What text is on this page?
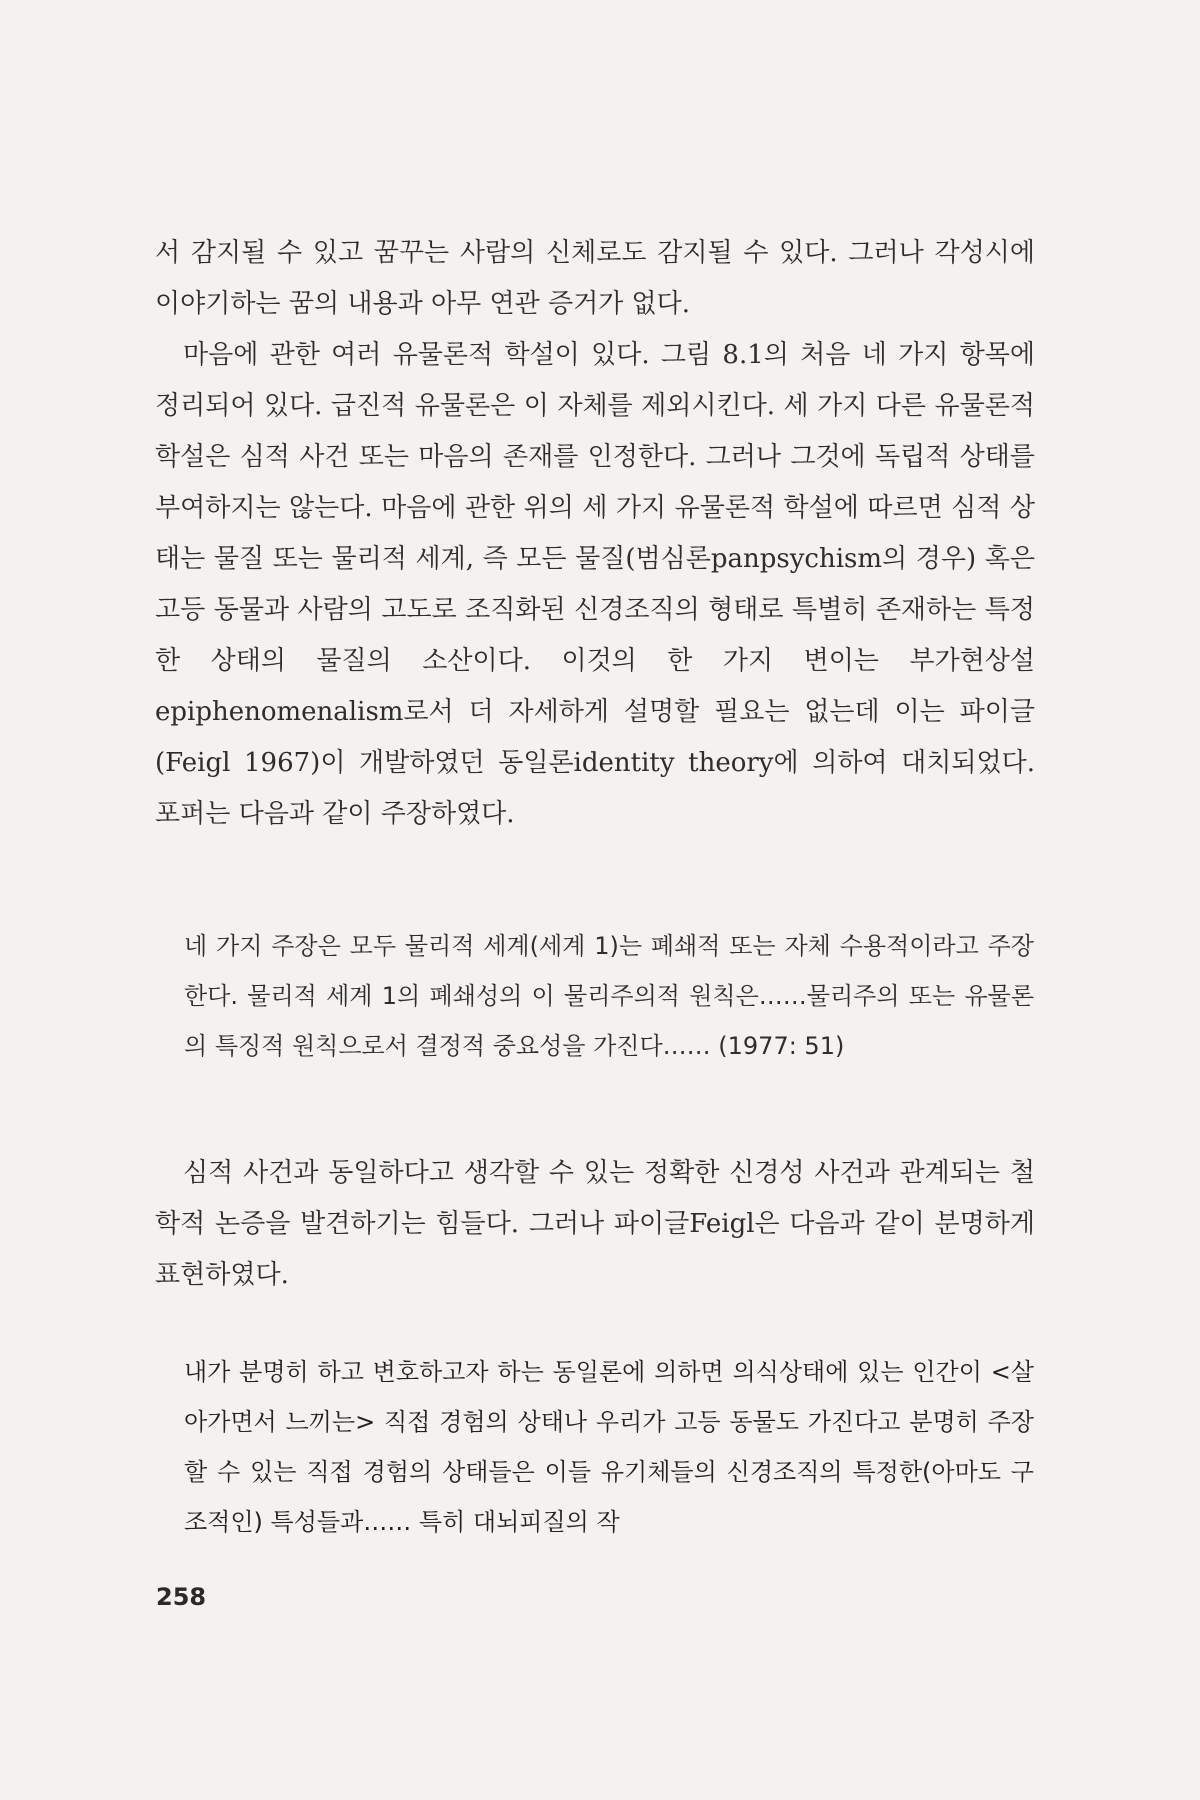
서 감지될 수 있고 꿈꾸는 사람의 신체로도 감지될 수 있다. 그러나 각성시에 이야기하는 꿈의 내용과 아무 연관 증거가 없다.

마음에 관한 여러 유물론적 학설이 있다. 그림 8.1의 처음 네 가지 항목에 정리되어 있다. 급진적 유물론은 이 자체를 제외시킨다. 세 가지 다른 유물론적 학설은 심적 사건 또는 마음의 존재를 인정한다. 그러나 그것에 독립적 상태를 부여하지는 않는다. 마음에 관한 위의 세 가지 유물론적 학설에 따르면 심적 상태는 물질 또는 물리적 세계, 즉 모든 물질(범심론panpsychism의 경우) 혹은 고등 동물과 사람의 고도로 조직화된 신경조직의 형태로 특별히 존재하는 특정한 상태의 물질의 소산이다. 이것의 한 가지 변이는 부가현상설epiphenomenalism로서 더 자세하게 설명할 필요는 없는데 이는 파이글(Feigl 1967)이 개발하였던 동일론identity theory에 의하여 대치되었다. 포퍼는 다음과 같이 주장하였다.

네 가지 주장은 모두 물리적 세계(세계 1)는 폐쇄적 또는 자체 수용적이라고 주장한다. 물리적 세계 1의 폐쇄성의 이 물리주의적 원칙은……물리주의 또는 유물론의 특징적 원칙으로서 결정적 중요성을 가진다…… (1977: 51)

심적 사건과 동일하다고 생각할 수 있는 정확한 신경성 사건과 관계되는 철학적 논증을 발견하기는 힘들다. 그러나 파이글Feigl은 다음과 같이 분명하게 표현하였다.

내가 분명히 하고 변호하고자 하는 동일론에 의하면 의식상태에 있는 인간이 <살아가면서 느끼는> 직접 경험의 상태나 우리가 고등 동물도 가진다고 분명히 주장할 수 있는 직접 경험의 상태들은 이들 유기체들의 신경조직의 특정한(아마도 구조적인) 특성들과…… 특히 대뇌피질의 작

258
